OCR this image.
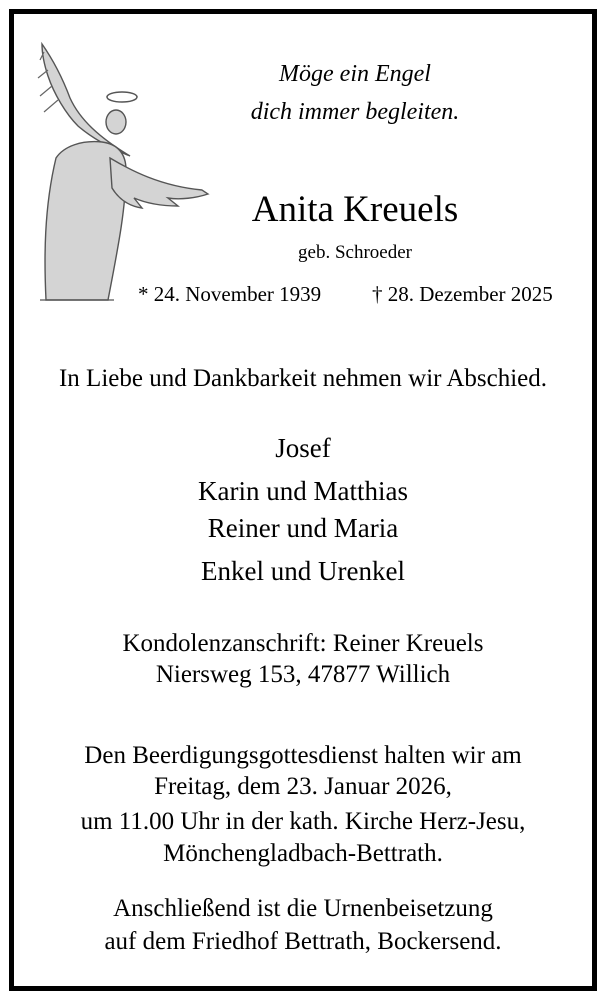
Möge ein Engel
dich immer begleiten.
Anita Kreuels
geb. Schroeder
* 24. November 1939 † 28. Dezember 2025
In Liebe und Dankbarkeit nehmen wir Abschied.
Josef
Karin und Matthias
Reiner und Maria
Enkel und Urenkel
Kondolenzanschrift: Reiner Kreuels
Niersweg 153, 47877 Willich
Den Beerdigungsgottesdienst halten wir am
Freitag, dem 23. Januar 2026,
um 11.00 Uhr in der kath. Kirche Herz-Jesu,
Mönchengladbach-Bettrath.
Anschließend ist die Urnenbeisetzung
auf dem Friedhof Bettrath, Bockersend.
